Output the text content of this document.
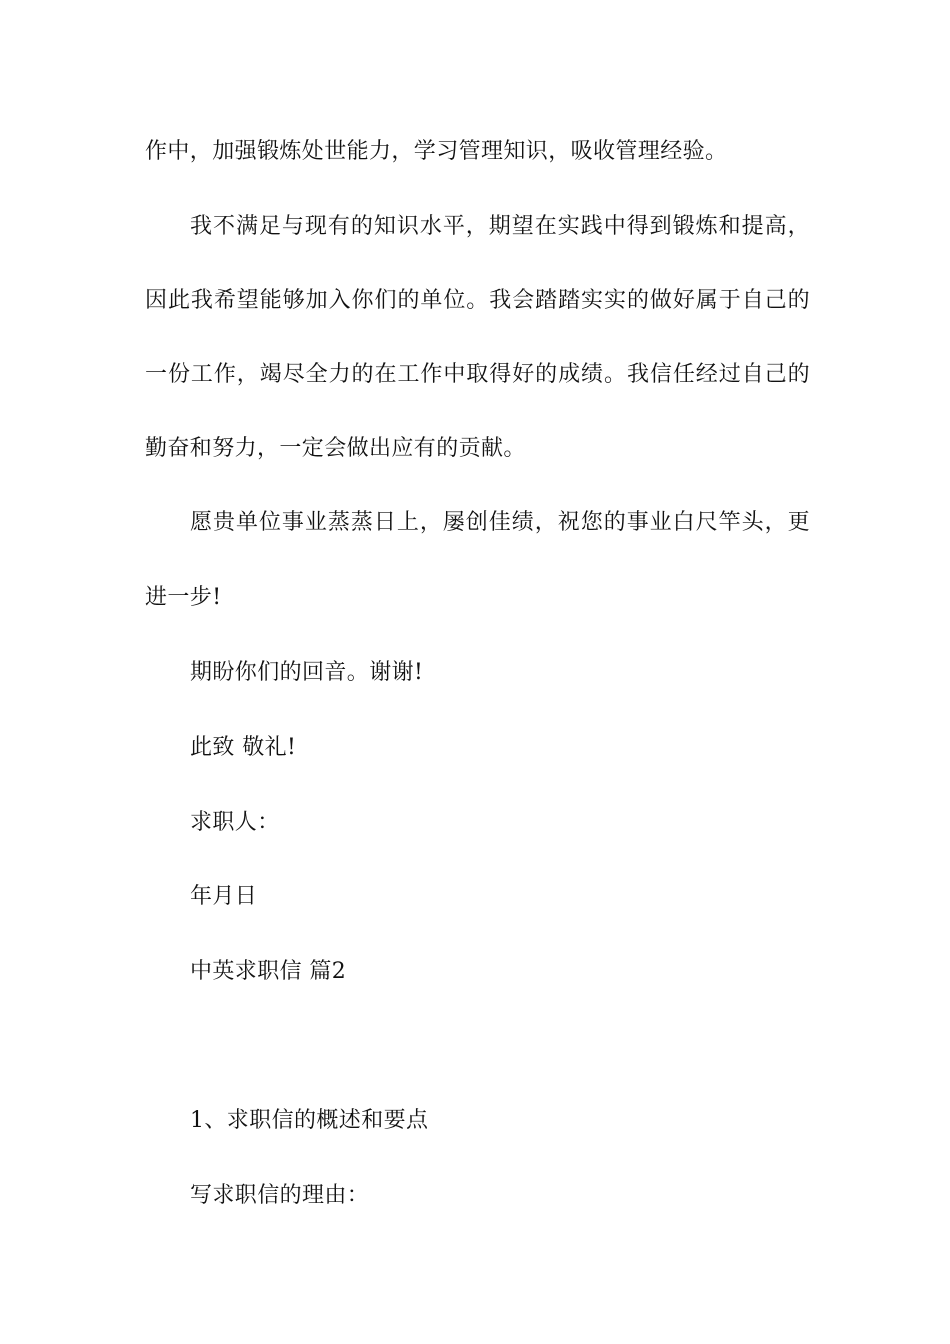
作中，加强锻炼处世能力，学习管理知识，吸收管理经验。
我不满足与现有的知识水平，期望在实践中得到锻炼和提高，
因此我希望能够加入你们的单位。我会踏踏实实的做好属于自己的
一份工作，竭尽全力的在工作中取得好的成绩。我信任经过自己的
勤奋和努力，一定会做出应有的贡献。
愿贵单位事业蒸蒸日上，屡创佳绩，祝您的事业白尺竿头，更
进一步!
期盼你们的回音。谢谢!
此致 敬礼!
求职人：
年月日
中英求职信 篇2
1、求职信的概述和要点
写求职信的理由：
